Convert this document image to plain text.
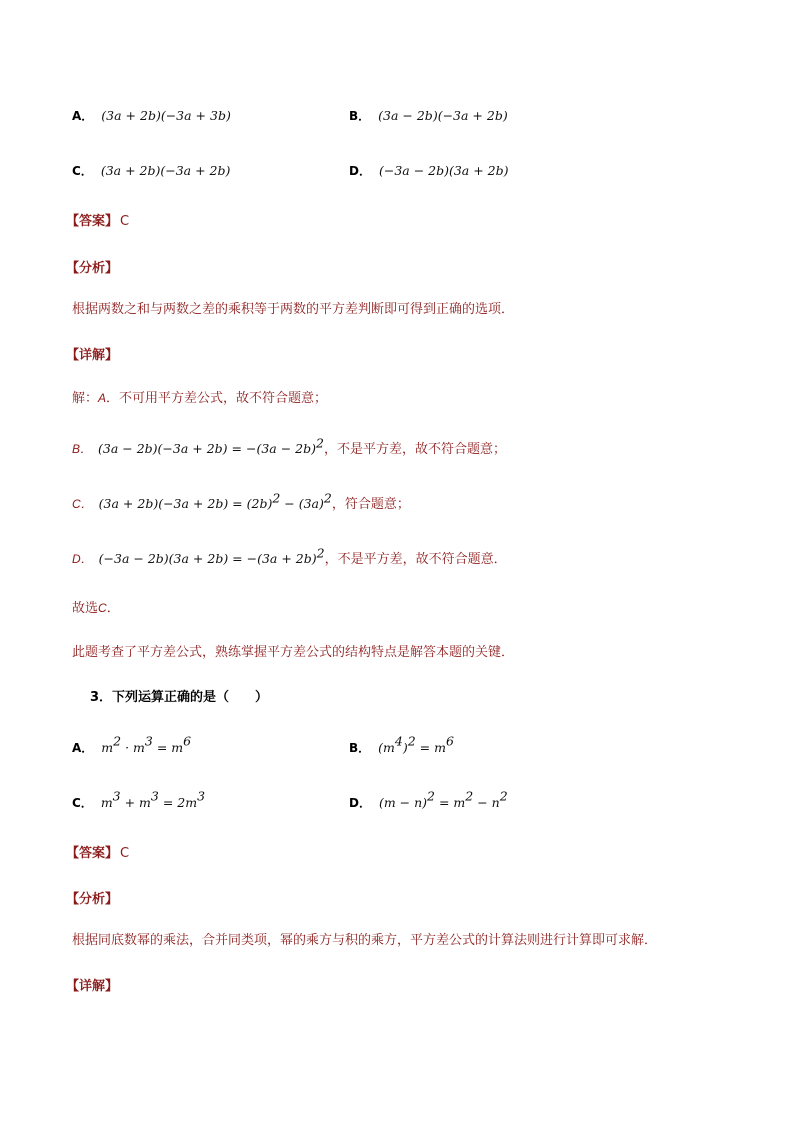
A． (3a + 2b)(−3a + 3b)	B． (3a − 2b)(−3a + 2b)
C． (3a + 2b)(−3a + 2b)	D． (−3a − 2b)(3a + 2b)
【答案】 C
【分析】
根据两数之和与两数之差的乘积等于两数的平方差判断即可得到正确的选项．
【详解】
解：A．不可用平方差公式，故不符合题意；
B． $(3a - 2b)(-3a + 2b) = -(3a - 2b)^2$，不是平方差，故不符合题意；
C． $(3a + 2b)(-3a + 2b) = (2b)^2 - (3a)^2$，符合题意；
D． $(-3a - 2b)(3a + 2b) = -(3a + 2b)^2$，不是平方差，故不符合题意．
故选C．
此题考查了平方差公式，熟练掌握平方差公式的结构特点是解答本题的关键．
3．下列运算正确的是（　　）
A． $m^2 \cdot m^3 = m^6$	B． $(m^4)^2 = m^6$
C． $m^3 + m^3 = 2m^3$	D． $(m - n)^2 = m^2 - n^2$
【答案】 C
【分析】
根据同底数幂的乘法，合并同类项，幂的乘方与积的乘方，平方差公式的计算法则进行计算即可求解．
【详解】
